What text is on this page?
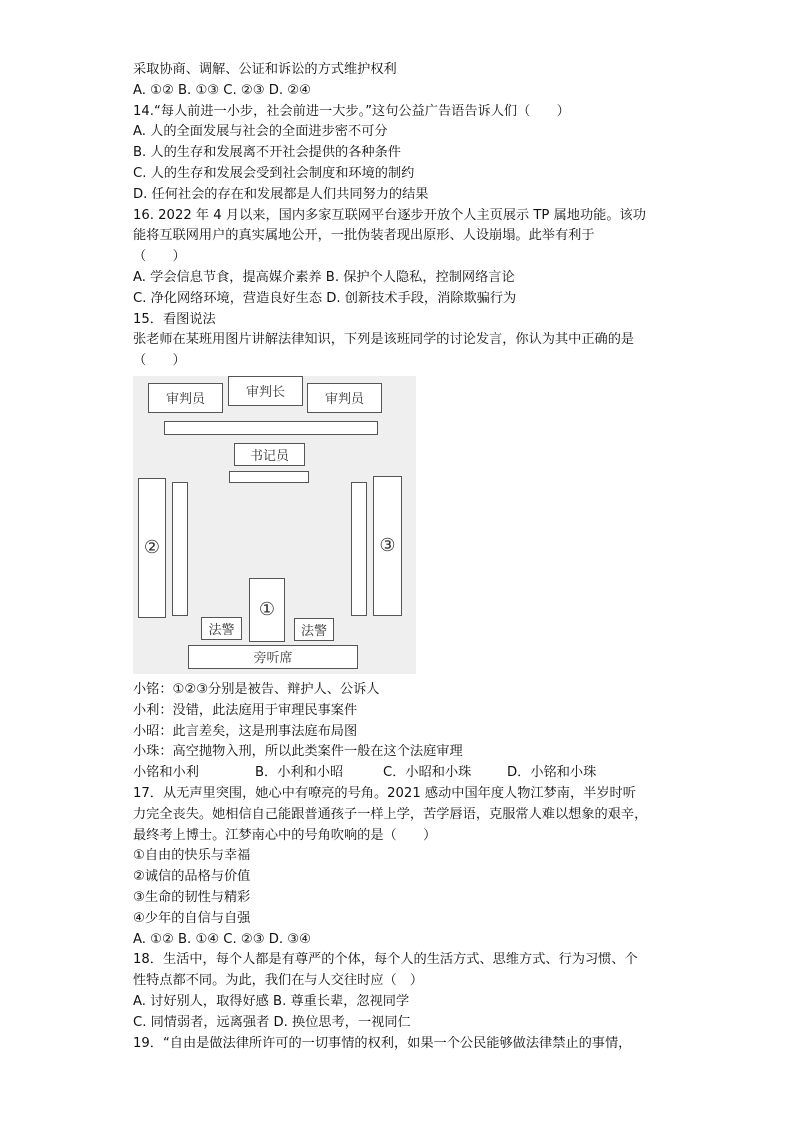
采取协商、调解、公证和诉讼的方式维护权利
A. ①② B. ①③ C. ②③ D. ②④
14.“每人前进一小步，社会前进一大步。”这句公益广告语告诉人们（　　）
A. 人的全面发展与社会的全面进步密不可分
B. 人的生存和发展离不开社会提供的各种条件
C. 人的生存和发展会受到社会制度和环境的制约
D. 任何社会的存在和发展都是人们共同努力的结果
16. 2022 年 4 月以来，国内多家互联网平台逐步开放个人主页展示 TP 属地功能。该功
能将互联网用户的真实属地公开，一批伪装者现出原形、人设崩塌。此举有利于
（　　）
A. 学会信息节食，提高媒介素养 B. 保护个人隐私，控制网络言论
C. 净化网络环境，营造良好生态 D. 创新技术手段，消除欺骗行为
15．看图说法
张老师在某班用图片讲解法律知识，下列是该班同学的讨论发言，你认为其中正确的是
（　　）
审判员	审判长	审判员
书记员
②	③
①
法警	法警
旁听席
小铭：①②③分别是被告、辩护人、公诉人
小利：没错，此法庭用于审理民事案件
小昭：此言差矣，这是刑事法庭布局图
小珠：高空抛物入刑，所以此类案件一般在这个法庭审理
小铭和小利	B．小利和小昭	C．小昭和小珠	D．小铭和小珠
17．从无声里突围，她心中有嘹亮的号角。2021 感动中国年度人物江梦南，半岁时听
力完全丧失。她相信自己能跟普通孩子一样上学，苦学唇语，克服常人难以想象的艰辛，
最终考上博士。江梦南心中的号角吹响的是（　　）
①自由的快乐与幸福
②诚信的品格与价值
③生命的韧性与精彩
④少年的自信与自强
A. ①② B. ①④ C. ②③ D. ③④
18．生活中，每个人都是有尊严的个体，每个人的生活方式、思维方式、行为习惯、个
性特点都不同。为此，我们在与人交往时应（　）
A. 讨好别人，取得好感 B. 尊重长辈，忽视同学
C. 同情弱者，远离强者 D. 换位思考，一视同仁
19．“自由是做法律所许可的一切事情的权利，如果一个公民能够做法律禁止的事情，
